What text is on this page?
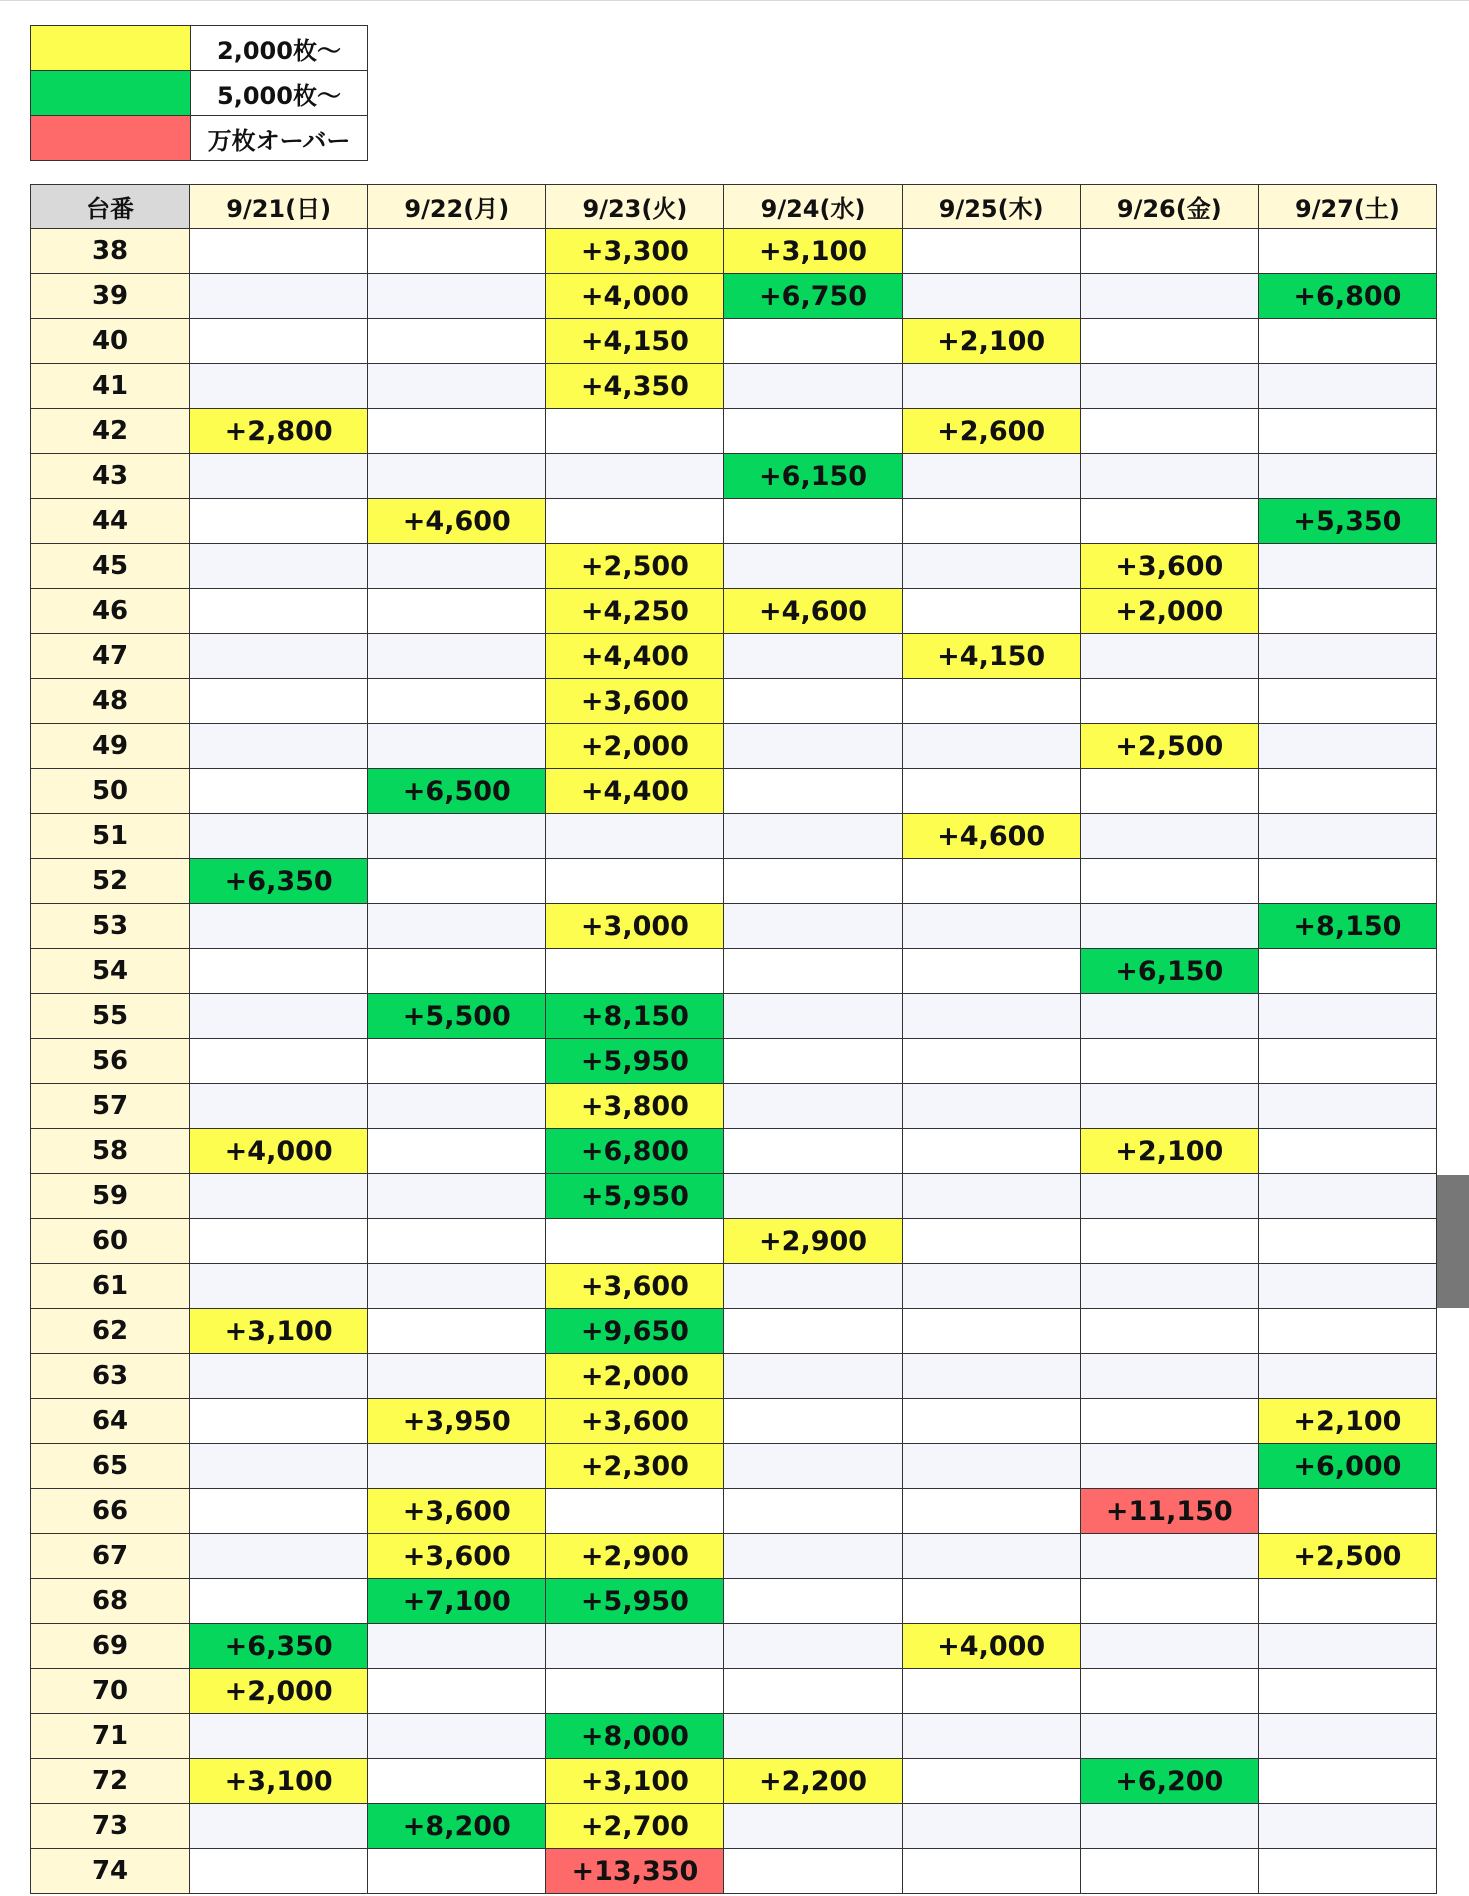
	2,000枚〜
	5,000枚〜
	万枚オーバー
台番	9/21(日)	9/22(月)	9/23(火)	9/24(水)	9/25(木)	9/26(金)	9/27(土)
38			+3,300	+3,100			
39			+4,000	+6,750			+6,800
40			+4,150		+2,100		
41			+4,350				
42	+2,800				+2,600		
43				+6,150			
44		+4,600					+5,350
45			+2,500			+3,600	
46			+4,250	+4,600		+2,000	
47			+4,400		+4,150		
48			+3,600				
49			+2,000			+2,500	
50		+6,500	+4,400				
51					+4,600		
52	+6,350						
53			+3,000				+8,150
54						+6,150	
55		+5,500	+8,150				
56			+5,950				
57			+3,800				
58	+4,000		+6,800			+2,100	
59			+5,950				
60				+2,900			
61			+3,600				
62	+3,100		+9,650				
63			+2,000				
64		+3,950	+3,600				+2,100
65			+2,300				+6,000
66		+3,600				+11,150	
67		+3,600	+2,900				+2,500
68		+7,100	+5,950				
69	+6,350				+4,000		
70	+2,000						
71			+8,000				
72	+3,100		+3,100	+2,200		+6,200	
73		+8,200	+2,700				
74			+13,350				
